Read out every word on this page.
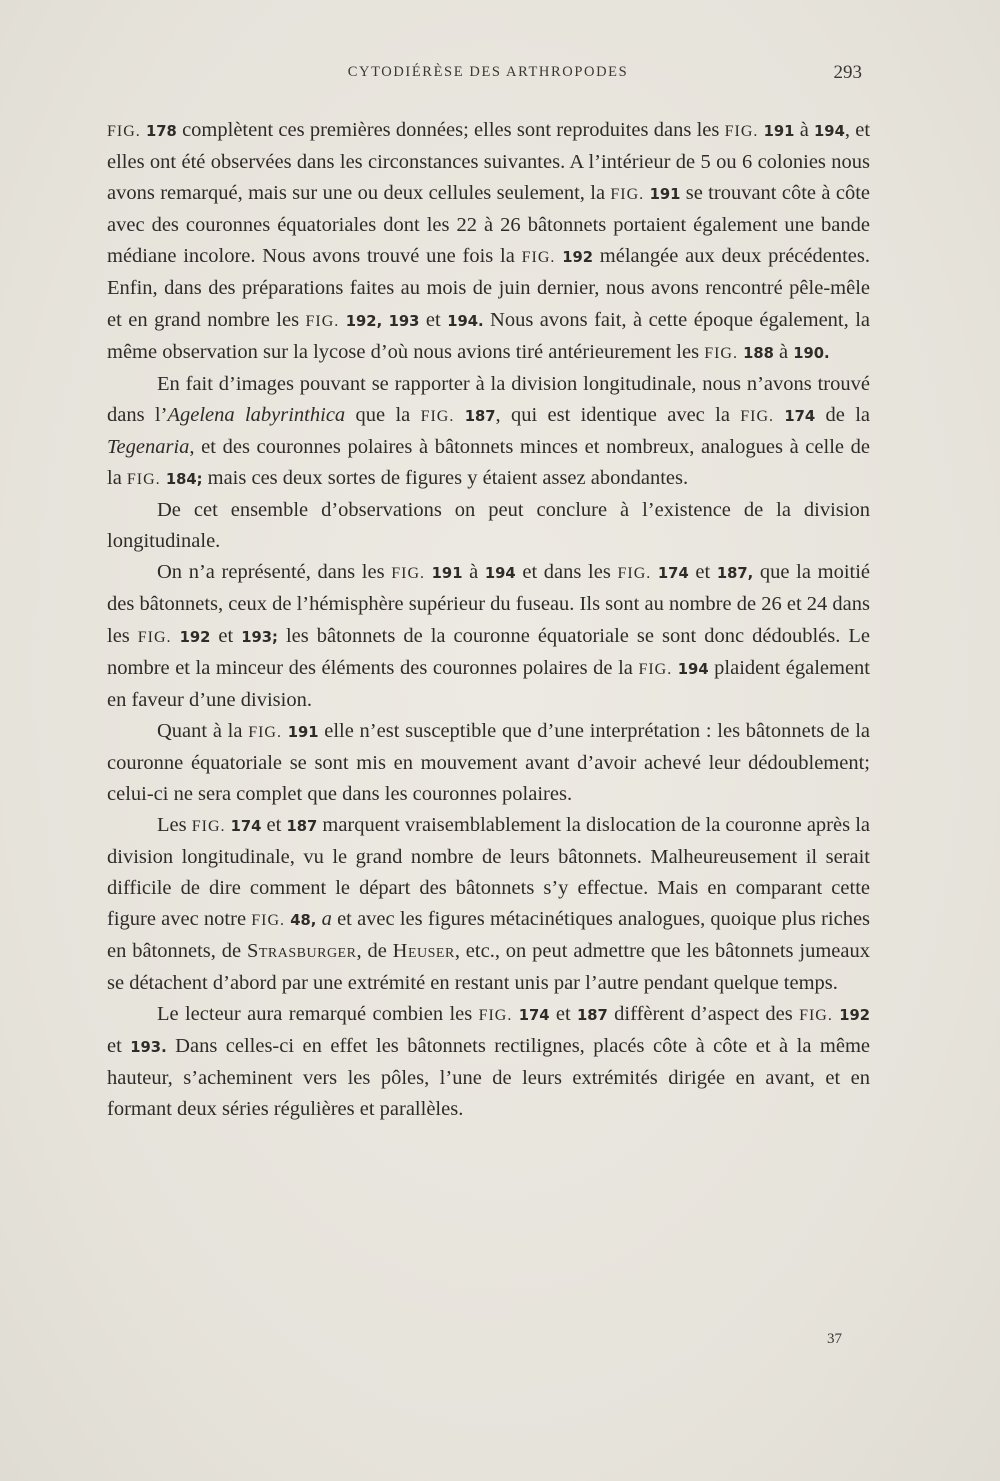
CYTODIÉRÈSE DES ARTHROPODES	293

FIG. 178 complètent ces premières données; elles sont reproduites dans les FIG. 191 à 194, et elles ont été observées dans les circonstances suivantes. A l’intérieur de 5 ou 6 colonies nous avons remarqué, mais sur une ou deux cellules seulement, la FIG. 191 se trouvant côte à côte avec des couronnes équatoriales dont les 22 à 26 bâtonnets portaient également une bande médiane incolore. Nous avons trouvé une fois la FIG. 192 mélangée aux deux précédentes. Enfin, dans des préparations faites au mois de juin dernier, nous avons rencontré pêle-mêle et en grand nombre les FIG. 192, 193 et 194. Nous avons fait, à cette époque également, la même observation sur la lycose d’où nous avions tiré antérieurement les FIG. 188 à 190.

En fait d’images pouvant se rapporter à la division longitudinale, nous n’avons trouvé dans l’Agelena labyrinthica que la FIG. 187, qui est identique avec la FIG. 174 de la Tegenaria, et des couronnes polaires à bâtonnets minces et nombreux, analogues à celle de la FIG. 184; mais ces deux sortes de figures y étaient assez abondantes.

De cet ensemble d’observations on peut conclure à l’existence de la division longitudinale.

On n’a représenté, dans les FIG. 191 à 194 et dans les FIG. 174 et 187, que la moitié des bâtonnets, ceux de l’hémisphère supérieur du fuseau. Ils sont au nombre de 26 et 24 dans les FIG. 192 et 193; les bâtonnets de la couronne équatoriale se sont donc dédoublés. Le nombre et la minceur des éléments des couronnes polaires de la FIG. 194 plaident également en faveur d’une division.

Quant à la FIG. 191 elle n’est susceptible que d’une interprétation : les bâtonnets de la couronne équatoriale se sont mis en mouvement avant d’avoir achevé leur dédoublement; celui-ci ne sera complet que dans les couronnes polaires.

Les FIG. 174 et 187 marquent vraisemblablement la dislocation de la couronne après la division longitudinale, vu le grand nombre de leurs bâtonnets. Malheureusement il serait difficile de dire comment le départ des bâtonnets s’y effectue. Mais en comparant cette figure avec notre FIG. 48, a et avec les figures métacinétiques analogues, quoique plus riches en bâtonnets, de Strasburger, de Heuser, etc., on peut admettre que les bâtonnets jumeaux se détachent d’abord par une extrémité en restant unis par l’autre pendant quelque temps.

Le lecteur aura remarqué combien les FIG. 174 et 187 diffèrent d’aspect des FIG. 192 et 193. Dans celles-ci en effet les bâtonnets rectilignes, placés côte à côte et à la même hauteur, s’acheminent vers les pôles, l’une de leurs extrémités dirigée en avant, et en formant deux séries régulières et parallèles.

37
